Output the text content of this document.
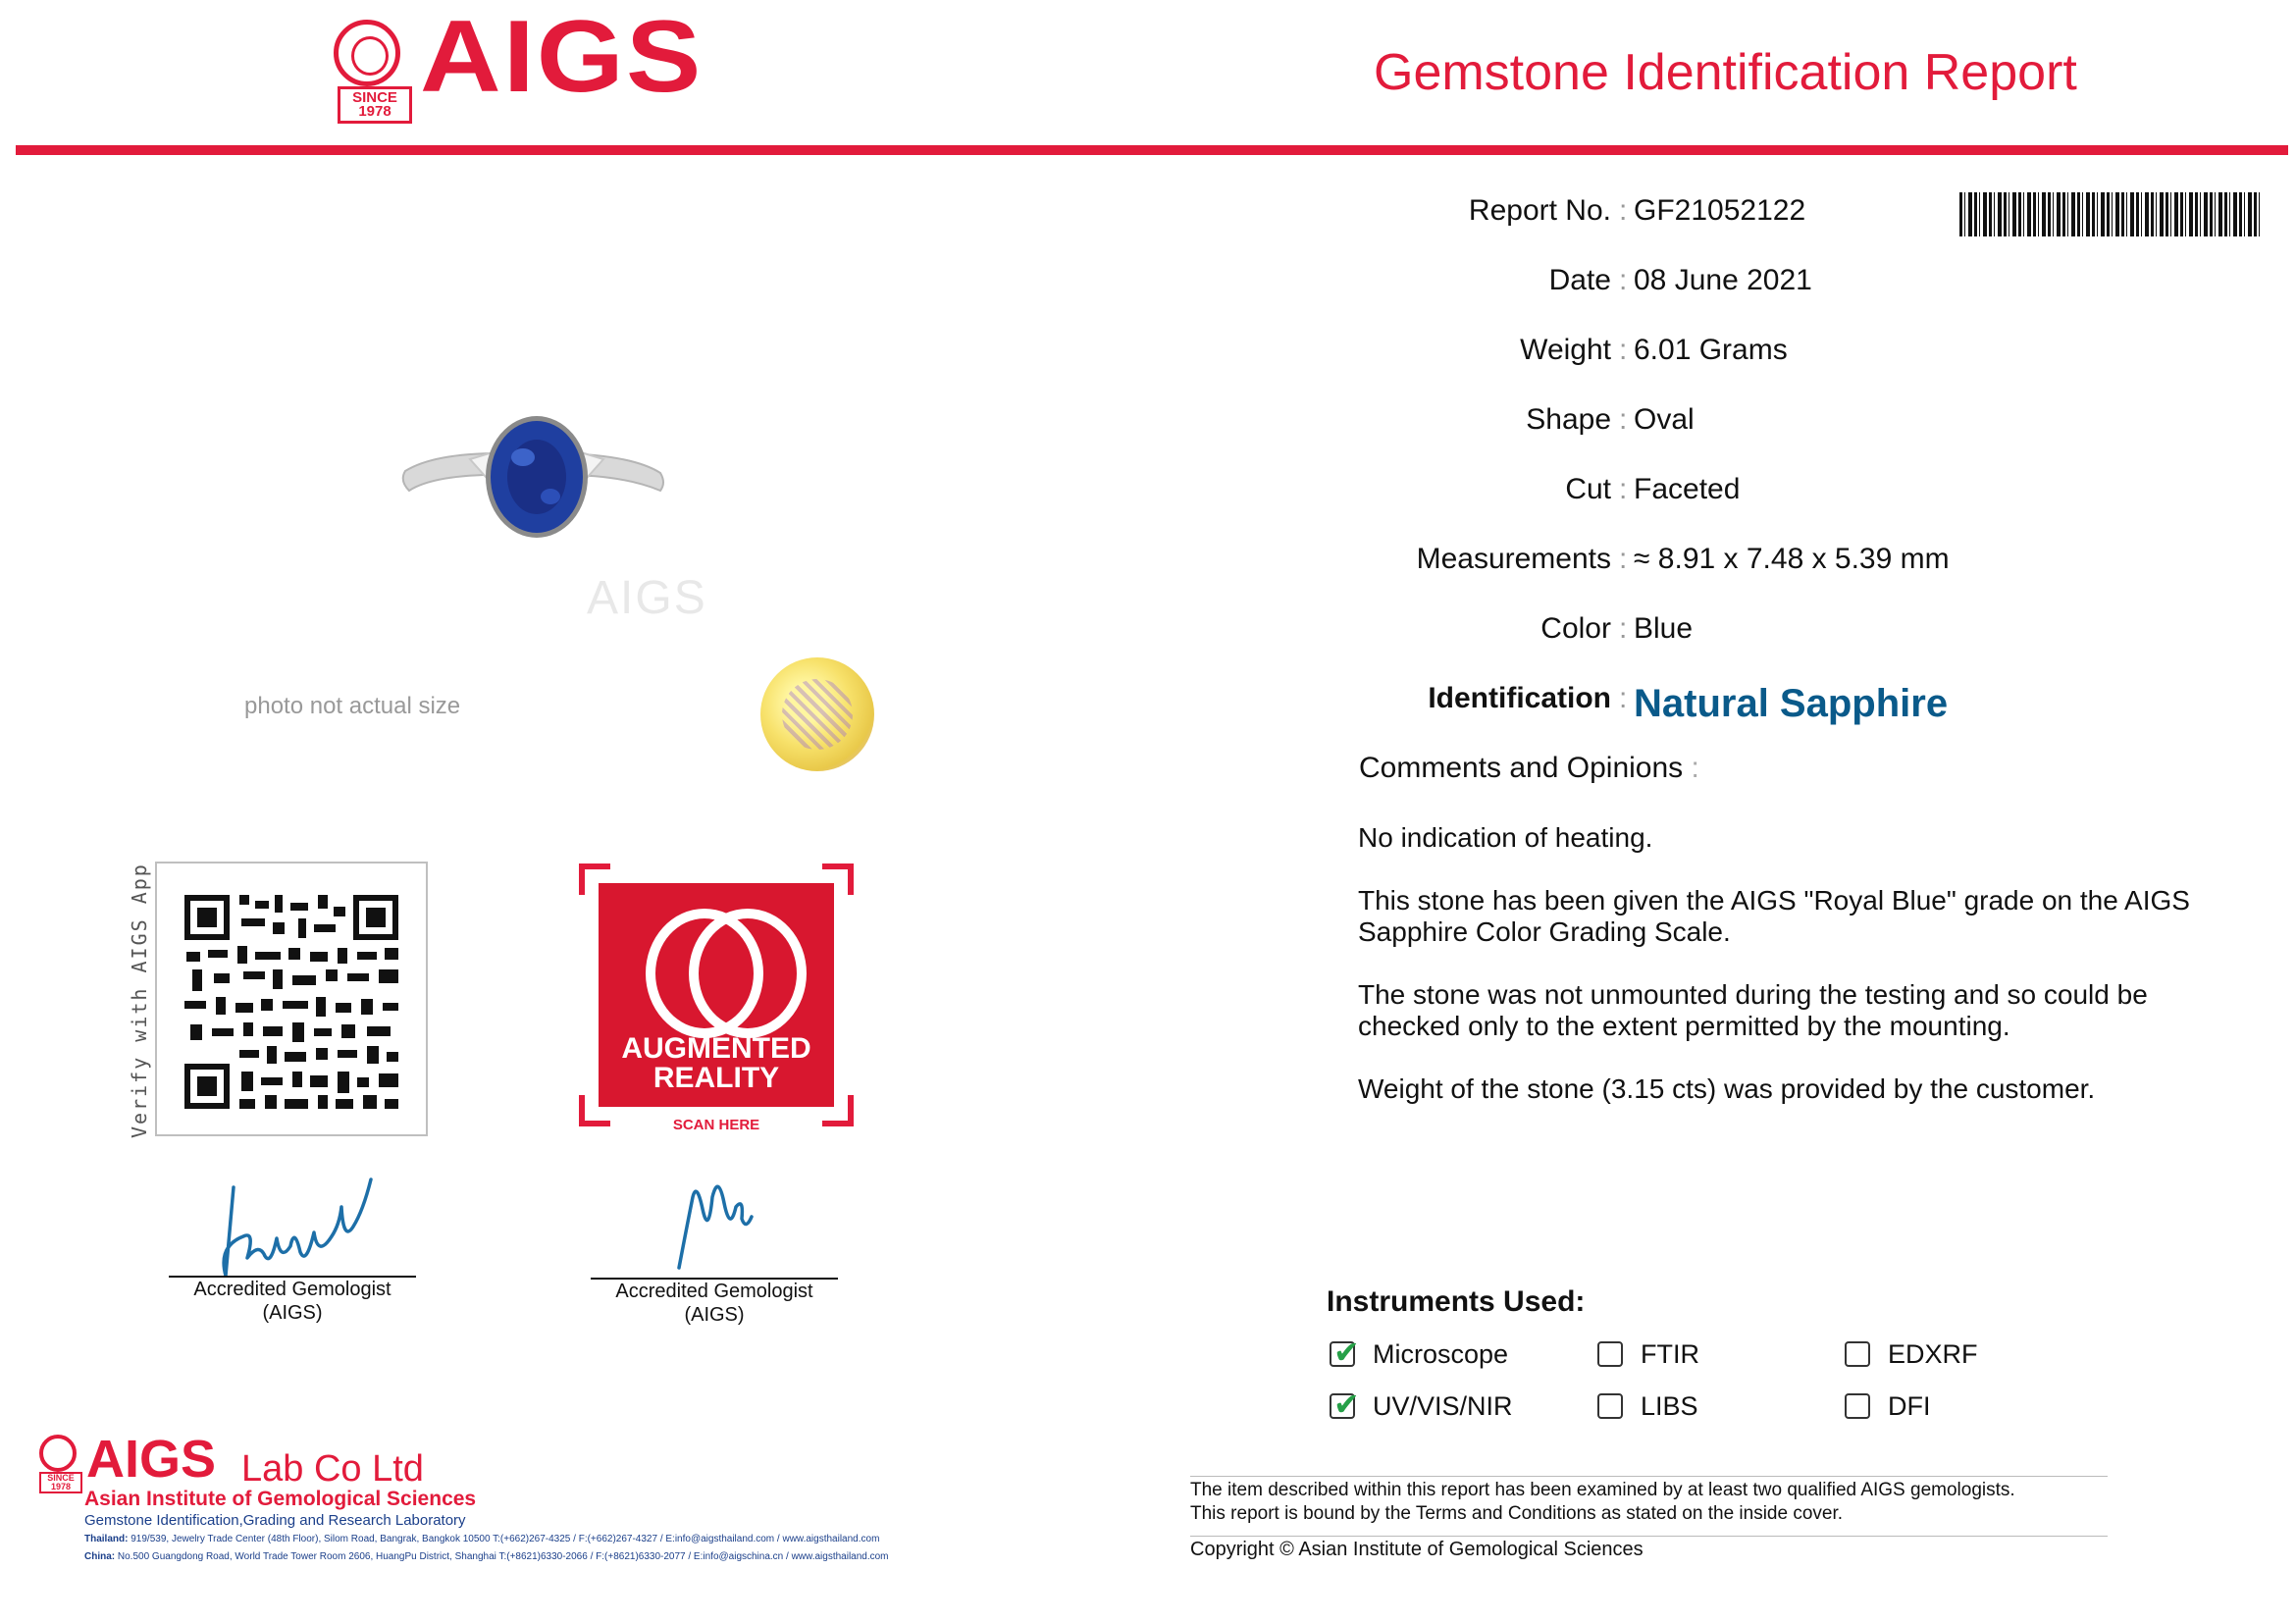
SINCE
1978 AIGS	Gemstone Identification Report
Report No. : GF21052122
Date : 08 June 2021
Weight : 6.01 Grams
Shape : Oval
Cut : Faceted
Measurements : ≈ 8.91 x 7.48 x 5.39 mm
Color : Blue
Identification : Natural Sapphire
Comments and Opinions :
No indication of heating.
This stone has been given the AIGS "Royal Blue" grade on the AIGS Sapphire Color Grading Scale.
The stone was not unmounted during the testing and so could be checked only to the extent permitted by the mounting.
Weight of the stone (3.15 cts) was provided by the customer.
Instruments Used:
✔
Microscope	FTIR	EDXRF
✔
UV/VIS/NIR	LIBS	DFI
The item described within this report has been examined by at least two qualified AIGS gemologists.
This report is bound by the Terms and Conditions as stated on the inside cover.
Copyright © Asian Institute of Gemological Sciences
AIGS
photo not actual size
Verify with AIGS App	AUGMENTED
REALITY
SCAN HERE
Accredited Gemologist
(AIGS)
Accredited Gemologist
(AIGS)
SINCE 1978 AIGS Lab Co Ltd
Asian Institute of Gemological Sciences
Gemstone Identification,Grading and Research Laboratory
Thailand: 919/539, Jewelry Trade Center (48th Floor), Silom Road, Bangrak, Bangkok 10500 T:(+662)267-4325 / F:(+662)267-4327 / E:info@aigsthailand.com / www.aigsthailand.com
China: No.500 Guangdong Road, World Trade Tower Room 2606, HuangPu District, Shanghai T:(+8621)6330-2066 / F:(+8621)6330-2077 / E:info@aigschina.cn / www.aigsthailand.com
